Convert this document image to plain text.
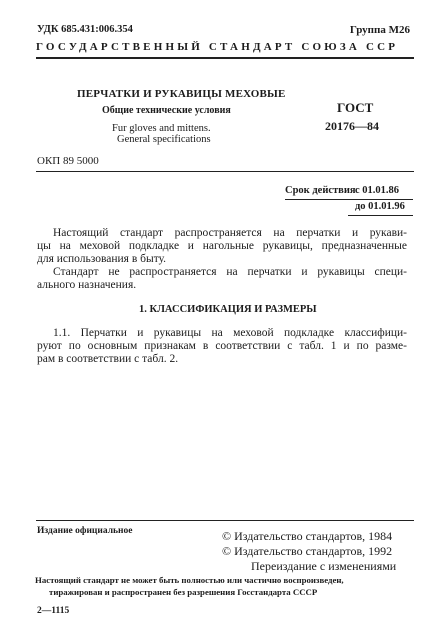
УДК 685.431:006.354	Группа М26
ГОСУДАРСТВЕННЫЙ СТАНДАРТ СОЮЗА ССР
ПЕРЧАТКИ И РУКАВИЦЫ МЕХОВЫЕ
Общие технические условия
Fur gloves and mittens.
General specifications
ГОСТ
20176—84
ОКП 89 5000
Срок действия с 01.01.86
до 01.01.96
Настоящий стандарт распространяется на перчатки и рукави-
цы на меховой подкладке и нагольные рукавицы, предназначенные
для использования в быту.
Стандарт не распространяется на перчатки и рукавицы специ-
ального назначения.
1. КЛАССИФИКАЦИЯ И РАЗМЕРЫ
1.1. Перчатки и рукавицы на меховой подкладке классифици-
руют по основным признакам в соответствии с табл. 1 и по разме-
рам в соответствии с табл. 2.
Издание официальное	© Издательство стандартов, 1984
© Издательство стандартов, 1992
Переиздание с изменениями
Настоящий стандарт не может быть полностью или частично воспроизведен,
тиражирован и распространен без разрешения Госстандарта СССР
2—1115
